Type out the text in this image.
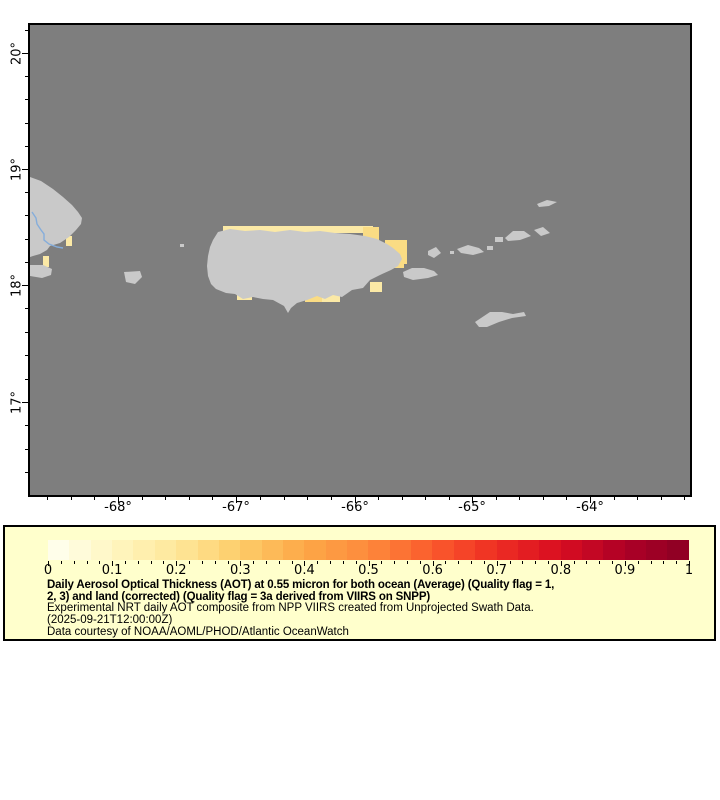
-68°	-67°	-66°	-65°	-64°
20°
19°
18°
17°
0	0.1	0.2	0.3	0.4	0.5	0.6	0.7	0.8	0.9	1
Daily Aerosol Optical Thickness (AOT) at 0.55 micron for both ocean (Average) (Quality flag = 1,
2, 3) and land (corrected) (Quality flag = 3a derived from VIIRS on SNPP)
Experimental NRT daily AOT composite from NPP VIIRS created from Unprojected Swath Data.
(2025-09-21T12:00:00Z)
Data courtesy of NOAA/AOML/PHOD/Atlantic OceanWatch
